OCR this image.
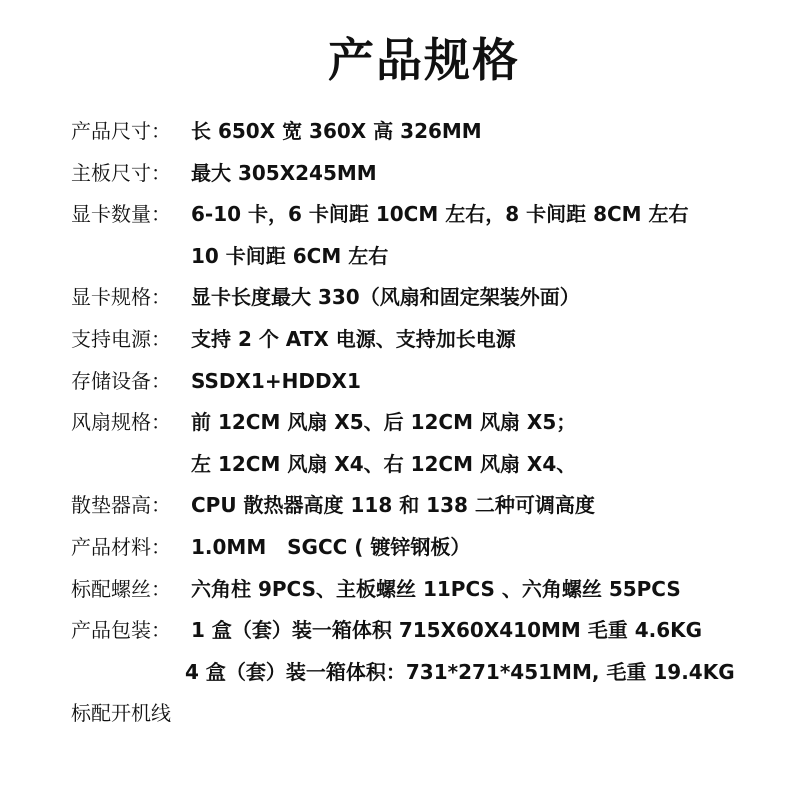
产品规格
产品尺寸：	长 650X 宽 360X 高 326MM
主板尺寸：	最大 305X245MM
显卡数量：	6-10 卡，6 卡间距 10CM 左右，8 卡间距 8CM 左右
10 卡间距 6CM 左右
显卡规格：	显卡长度最大 330（风扇和固定架装外面）
支持电源：	支持 2 个 ATX 电源、支持加长电源
存储设备：	SSDX1+HDDX1
风扇规格：	前 12CM 风扇 X5、后 12CM 风扇 X5；
左 12CM 风扇 X4、右 12CM 风扇 X4、
散垫器高：	CPU 散热器高度 118 和 138 二种可调高度
产品材料：	1.0MM   SGCC ( 镀锌钢板）
标配螺丝：	六角柱 9PCS、主板螺丝 11PCS 、六角螺丝 55PCS
产品包装：	1 盒（套）装一箱体积 715X60X410MM 毛重 4.6KG
4 盒（套）装一箱体积：731*271*451MM, 毛重 19.4KG
标配开机线
